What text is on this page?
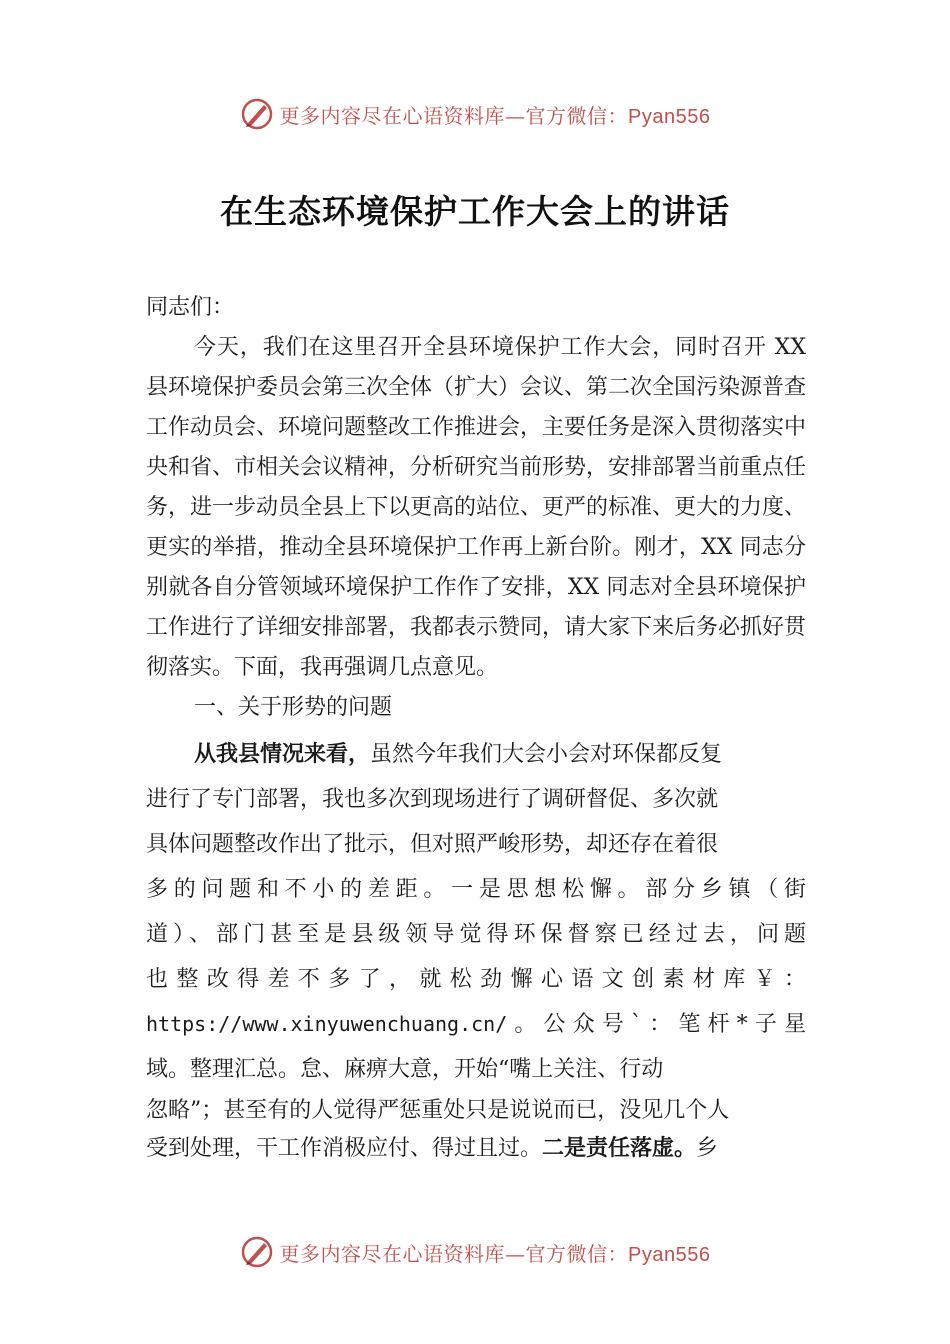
更多内容尽在心语资料库—官方微信：Pyan556
在生态环境保护工作大会上的讲话

同志们：

今天，我们在这里召开全县环境保护工作大会，同时召开 XX 县环境保护委员会第三次全体（扩大）会议、第二次全国污染源普查工作动员会、环境问题整改工作推进会，主要任务是深入贯彻落实中央和省、市相关会议精神，分析研究当前形势，安排部署当前重点任务，进一步动员全县上下以更高的站位、更严的标准、更大的力度、更实的举措，推动全县环境保护工作再上新台阶。刚才，XX 同志分别就各自分管领域环境保护工作作了安排，XX 同志对全县环境保护工作进行了详细安排部署，我都表示赞同，请大家下来后务必抓好贯彻落实。下面，我再强调几点意见。

一、关于形势的问题

从我县情况来看，虽然今年我们大会小会对环保都反复

进行了专门部署，我也多次到现场进行了调研督促、多次就

具体问题整改作出了批示，但对照严峻形势，却还存在着很

多的问题和不小的差距。一是思想松懈。部分乡镇（街

道）、部门甚至是县级领导觉得环保督察已经过去，问题

也整改得差不多了，就松劲懈心语文创素材库￥：

https://www.xinyuwenchuang.cn/。公众号`：笔杆*子星

域。整理汇总。怠、麻痹大意，开始“嘴上关注、行动

忽略”；甚至有的人觉得严惩重处只是说说而已，没见几个人

受到处理，干工作消极应付、得过且过。二是责任落虚。乡

更多内容尽在心语资料库—官方微信：Pyan556
